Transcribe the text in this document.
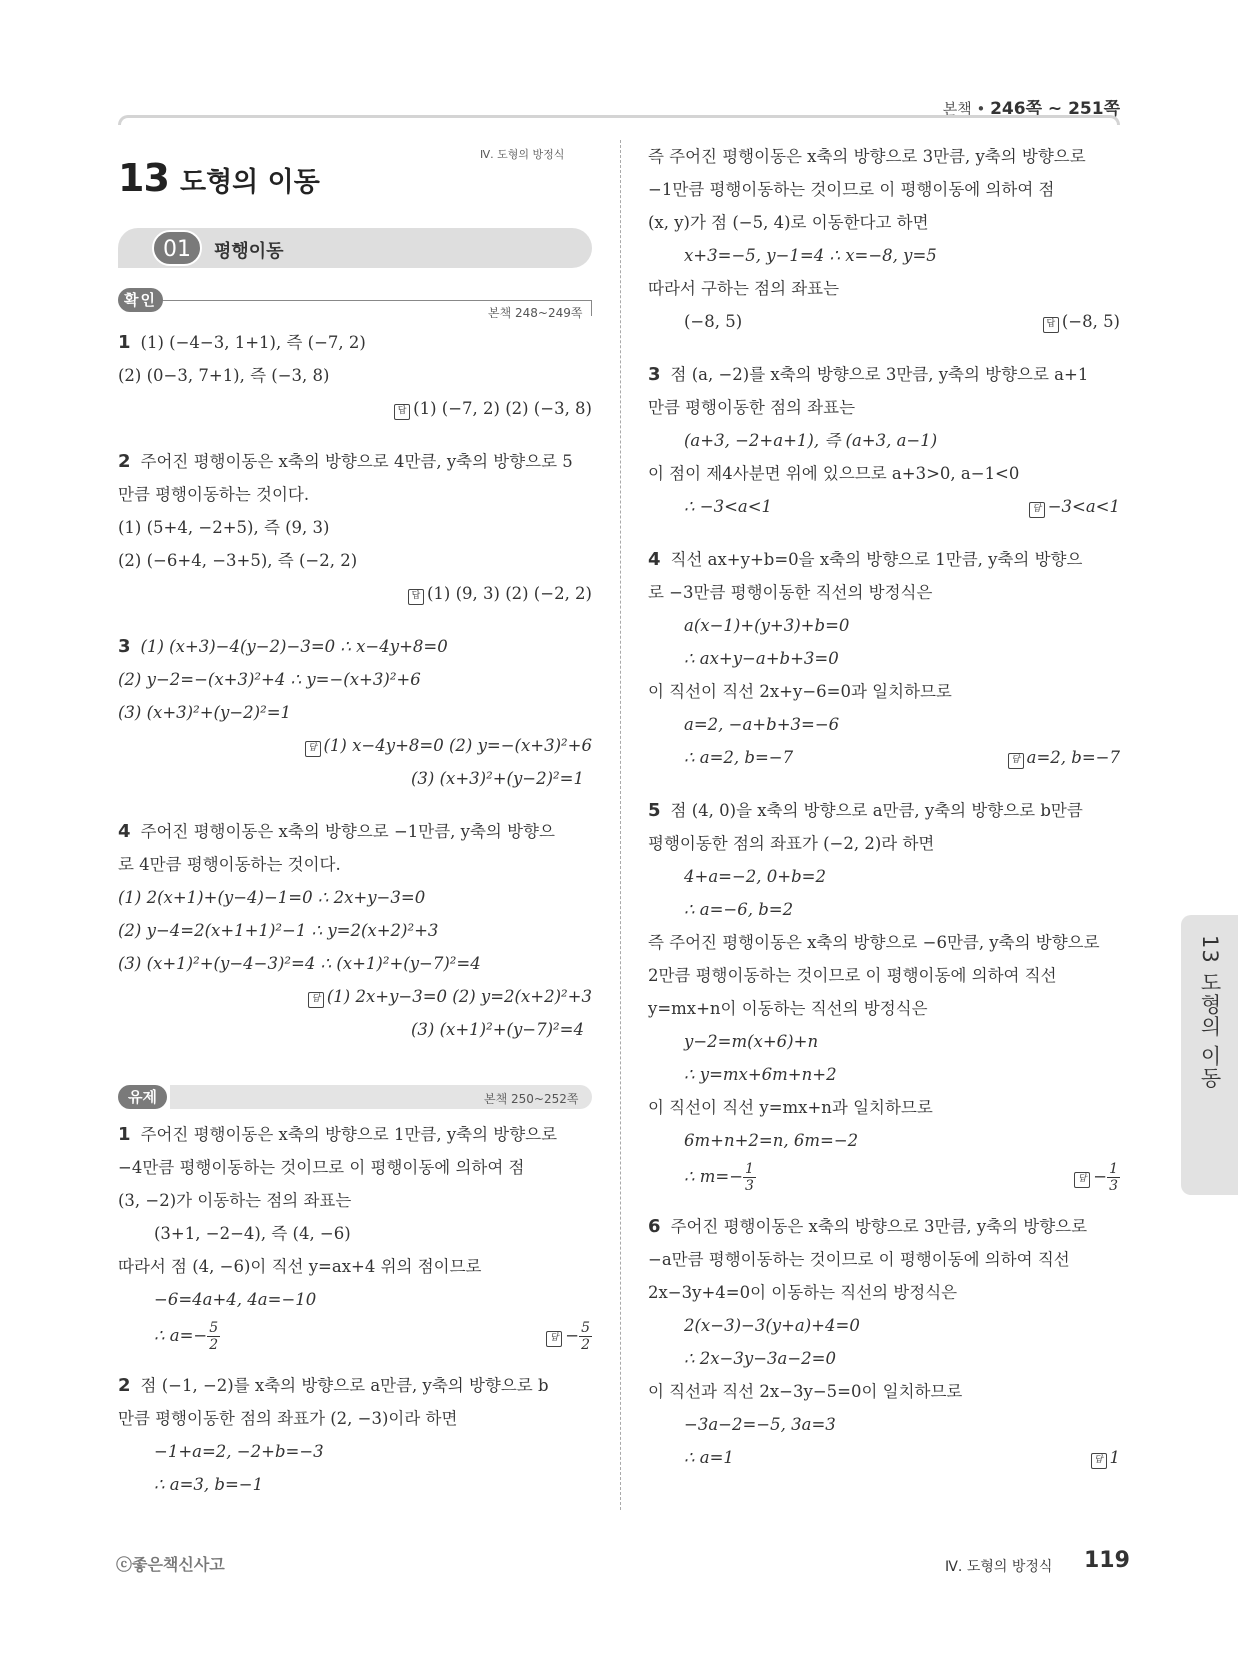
본책 • 246쪽 ~ 251쪽
Ⅳ. 도형의 방정식
13 도형의 이동
01	평행이동
확인
본책 248~249쪽
1 (1) (−4−3, 1+1), 즉 (−7, 2)
(2) (0−3, 7+1), 즉 (−3, 8)
답 (1) (−7, 2) (2) (−3, 8)
2 주어진 평행이동은 x축의 방향으로 4만큼, y축의 방향으로 5
만큼 평행이동하는 것이다.
(1) (5+4, −2+5), 즉 (9, 3)
(2) (−6+4, −3+5), 즉 (−2, 2)
답 (1) (9, 3) (2) (−2, 2)
3 (1) (x+3)−4(y−2)−3=0 ∴ x−4y+8=0
(2) y−2=−(x+3)²+4 ∴ y=−(x+3)²+6
(3) (x+3)²+(y−2)²=1
답 (1) x−4y+8=0 (2) y=−(x+3)²+6
(3) (x+3)²+(y−2)²=1
4 주어진 평행이동은 x축의 방향으로 −1만큼, y축의 방향으
로 4만큼 평행이동하는 것이다.
(1) 2(x+1)+(y−4)−1=0 ∴ 2x+y−3=0
(2) y−4=2(x+1+1)²−1 ∴ y=2(x+2)²+3
(3) (x+1)²+(y−4−3)²=4 ∴ (x+1)²+(y−7)²=4
답 (1) 2x+y−3=0 (2) y=2(x+2)²+3
(3) (x+1)²+(y−7)²=4
유제	본책 250~252쪽
1 주어진 평행이동은 x축의 방향으로 1만큼, y축의 방향으로
−4만큼 평행이동하는 것이므로 이 평행이동에 의하여 점
(3, −2)가 이동하는 점의 좌표는
(3+1, −2−4), 즉 (4, −6)
따라서 점 (4, −6)이 직선 y=ax+4 위의 점이므로
−6=4a+4, 4a=−10
∴ $a=- \frac{5}{2}$	답 − $\frac{5}{2}$
2 점 (−1, −2)를 x축의 방향으로 a만큼, y축의 방향으로 b
만큼 평행이동한 점의 좌표가 (2, −3)이라 하면
−1+a=2, −2+b=−3
∴ a=3, b=−1
즉 주어진 평행이동은 x축의 방향으로 3만큼, y축의 방향으로
−1만큼 평행이동하는 것이므로 이 평행이동에 의하여 점
(x, y)가 점 (−5, 4)로 이동한다고 하면
x+3=−5, y−1=4 ∴ x=−8, y=5
따라서 구하는 점의 좌표는
(−8, 5)	답 (−8, 5)
3 점 (a, −2)를 x축의 방향으로 3만큼, y축의 방향으로 a+1
만큼 평행이동한 점의 좌표는
(a+3, −2+a+1), 즉 (a+3, a−1)
이 점이 제4사분면 위에 있으므로 a+3>0, a−1<0
∴ −3<a<1	답 −3<a<1
4 직선 ax+y+b=0을 x축의 방향으로 1만큼, y축의 방향으
로 −3만큼 평행이동한 직선의 방정식은
a(x−1)+(y+3)+b=0
∴ ax+y−a+b+3=0
이 직선이 직선 2x+y−6=0과 일치하므로
a=2, −a+b+3=−6
∴ a=2, b=−7	답 a=2, b=−7
5 점 (4, 0)을 x축의 방향으로 a만큼, y축의 방향으로 b만큼
평행이동한 점의 좌표가 (−2, 2)라 하면
4+a=−2, 0+b=2
∴ a=−6, b=2
즉 주어진 평행이동은 x축의 방향으로 −6만큼, y축의 방향으로
2만큼 평행이동하는 것이므로 이 평행이동에 의하여 직선
y=mx+n이 이동하는 직선의 방정식은
y−2=m(x+6)+n
∴ y=mx+6m+n+2
이 직선이 직선 y=mx+n과 일치하므로
6m+n+2=n, 6m=−2
∴ $m=- \frac{1}{3}$	답 − $\frac{1}{3}$
6 주어진 평행이동은 x축의 방향으로 3만큼, y축의 방향으로
−a만큼 평행이동하는 것이므로 이 평행이동에 의하여 직선
2x−3y+4=0이 이동하는 직선의 방정식은
2(x−3)−3(y+a)+4=0
∴ 2x−3y−3a−2=0
이 직선과 직선 2x−3y−5=0이 일치하므로
−3a−2=−5, 3a=3
∴ a=1	답 1
13 도형의 이동
ⓒ좋은책신사고	Ⅳ. 도형의 방정식 119
